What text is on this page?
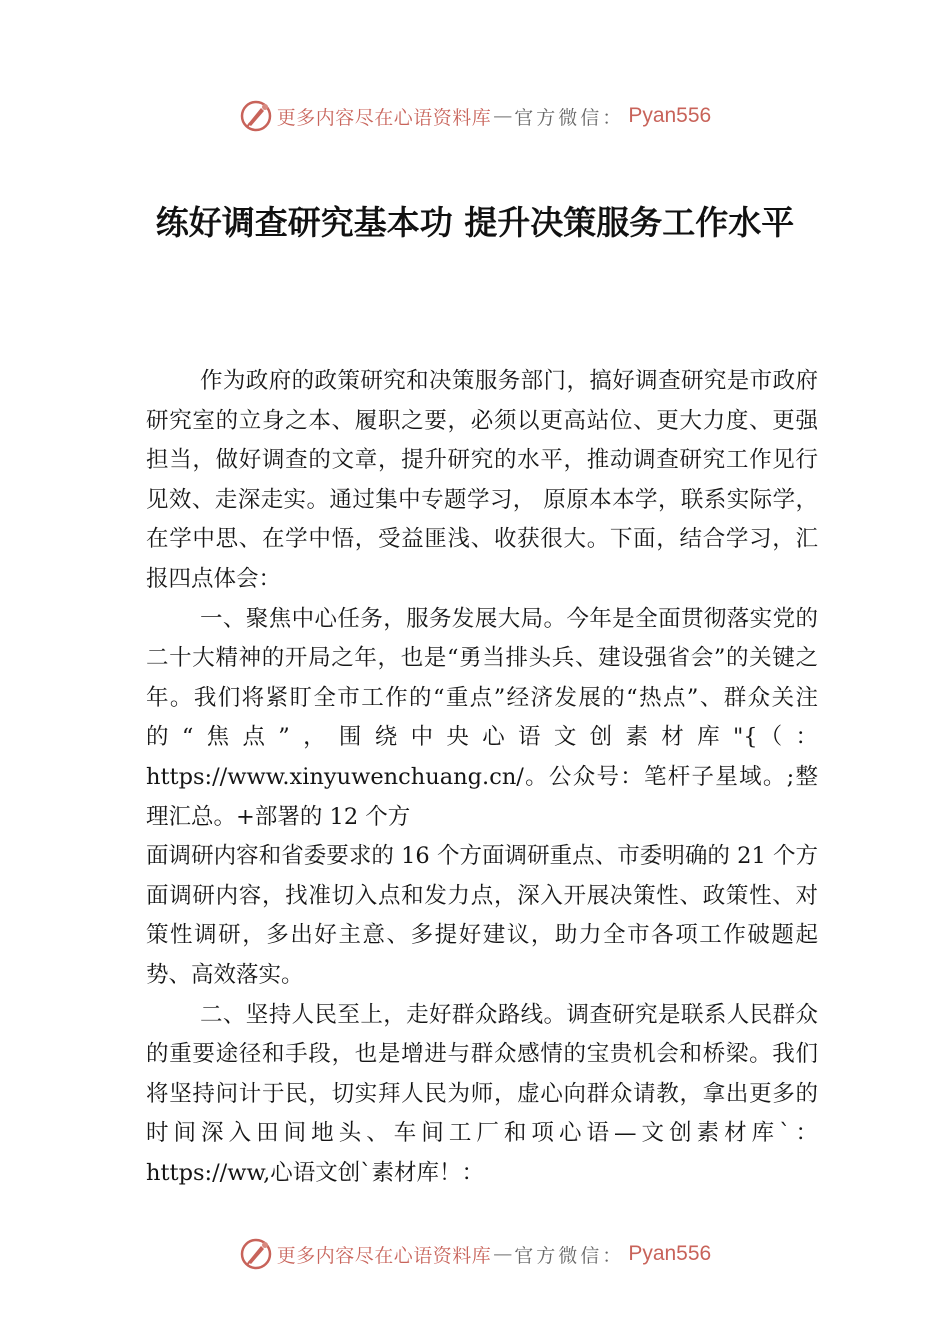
更多内容尽在心语资料库 — 官方微信： Pyan556
练好调查研究基本功 提升决策服务工作水平

作为政府的政策研究和决策服务部门，搞好调查研究是市政府研究室的立身之本、履职之要，必须以更高站位、更大力度、更强担当，做好调查的文章，提升研究的水平，推动调查研究工作见行见效、走深走实。通过集中专题学习， 原原本本学，联系实际学，在学中思、在学中悟，受益匪浅、收获很大。下面，结合学习，汇报四点体会：

一、聚焦中心任务，服务发展大局。今年是全面贯彻落实党的二十大精神的开局之年，也是“勇当排头兵、建设强省会”的关键之年。我们将紧盯全市工作的“重点”经济发展的“热点”、群众关注的“焦点”，围绕中央心语文创素材库"{（：https://www.xinyuwenchuang.cn/。公众号：笔杆子星域。;整理汇总。+部署的 12 个方

面调研内容和省委要求的 16 个方面调研重点、市委明确的 21 个方面调研内容，找准切入点和发力点，深入开展决策性、政策性、对策性调研，多出好主意、多提好建议，助力全市各项工作破题起势、高效落实。

二、坚持人民至上，走好群众路线。调查研究是联系人民群众的重要途径和手段，也是增进与群众感情的宝贵机会和桥梁。我们将坚持问计于民，切实拜人民为师，虚心向群众请教，拿出更多的时间深入田间地头、车间工厂和项心语—文创素材库`：https://ww,心语文创`素材库！：

更多内容尽在心语资料库 — 官方微信： Pyan556
